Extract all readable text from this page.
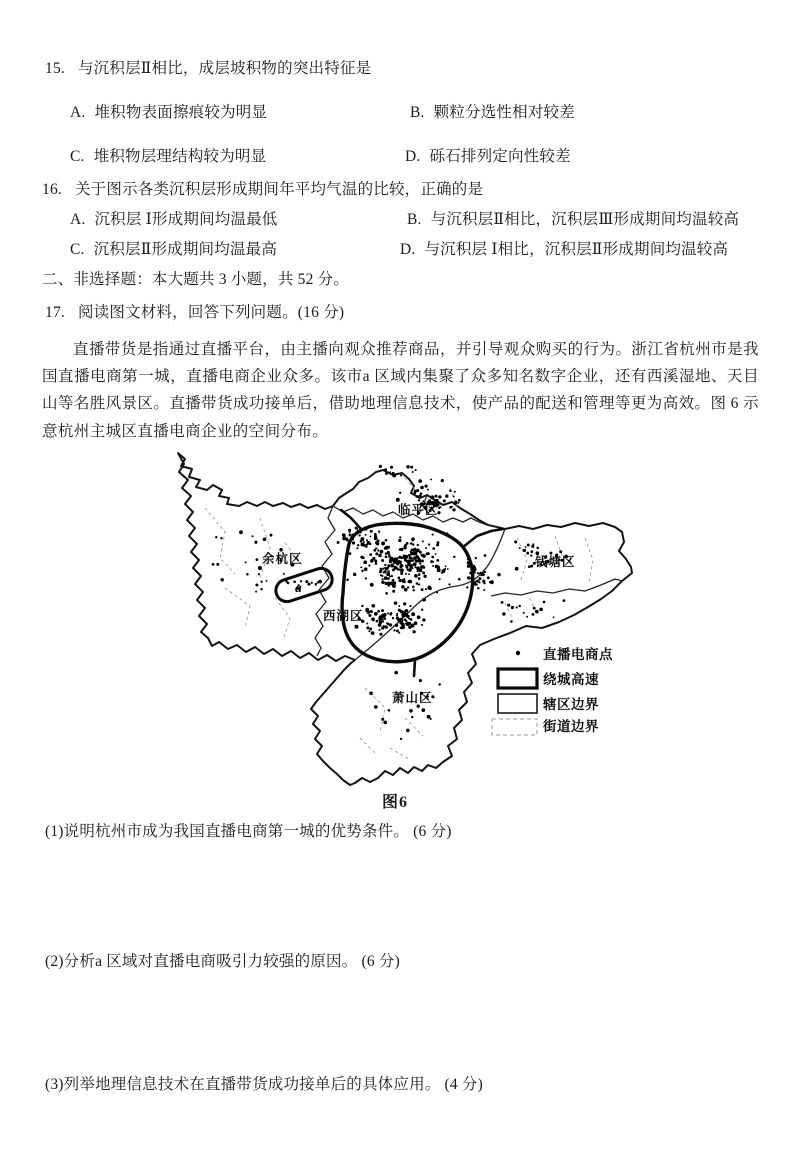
15. 与沉积层Ⅱ相比，成层坡积物的突出特征是
A. 堆积物表面擦痕较为明显	B. 颗粒分选性相对较差
C. 堆积物层理结构较为明显	D. 砾石排列定向性较差
16. 关于图示各类沉积层形成期间年平均气温的比较，正确的是
A. 沉积层 Ⅰ形成期间均温最低	B. 与沉积层Ⅱ相比，沉积层Ⅲ形成期间均温较高
C. 沉积层Ⅱ形成期间均温最高	D. 与沉积层 Ⅰ相比，沉积层Ⅱ形成期间均温较高
二、非选择题：本大题共 3 小题，共 52 分。
17. 阅读图文材料，回答下列问题。(16 分)
直播带货是指通过直播平台，由主播向观众推荐商品，并引导观众购买的行为。浙江省杭州市是我国直播电商第一城，直播电商企业众多。该市a 区域内集聚了众多知名数字企业，还有西溪湿地、天目山等名胜风景区。直播带货成功接单后，借助地理信息技术，使产品的配送和管理等更为高效。图 6 示意杭州主城区直播电商企业的空间分布。
余杭区
临平区
钱塘区
西湖区
萧山区
a
直播电商点
绕城高速
辖区边界
街道边界
图6
(1)说明杭州市成为我国直播电商第一城的优势条件。 (6 分)
(2)分析a 区域对直播电商吸引力较强的原因。 (6 分)
(3)列举地理信息技术在直播带货成功接单后的具体应用。 (4 分)
